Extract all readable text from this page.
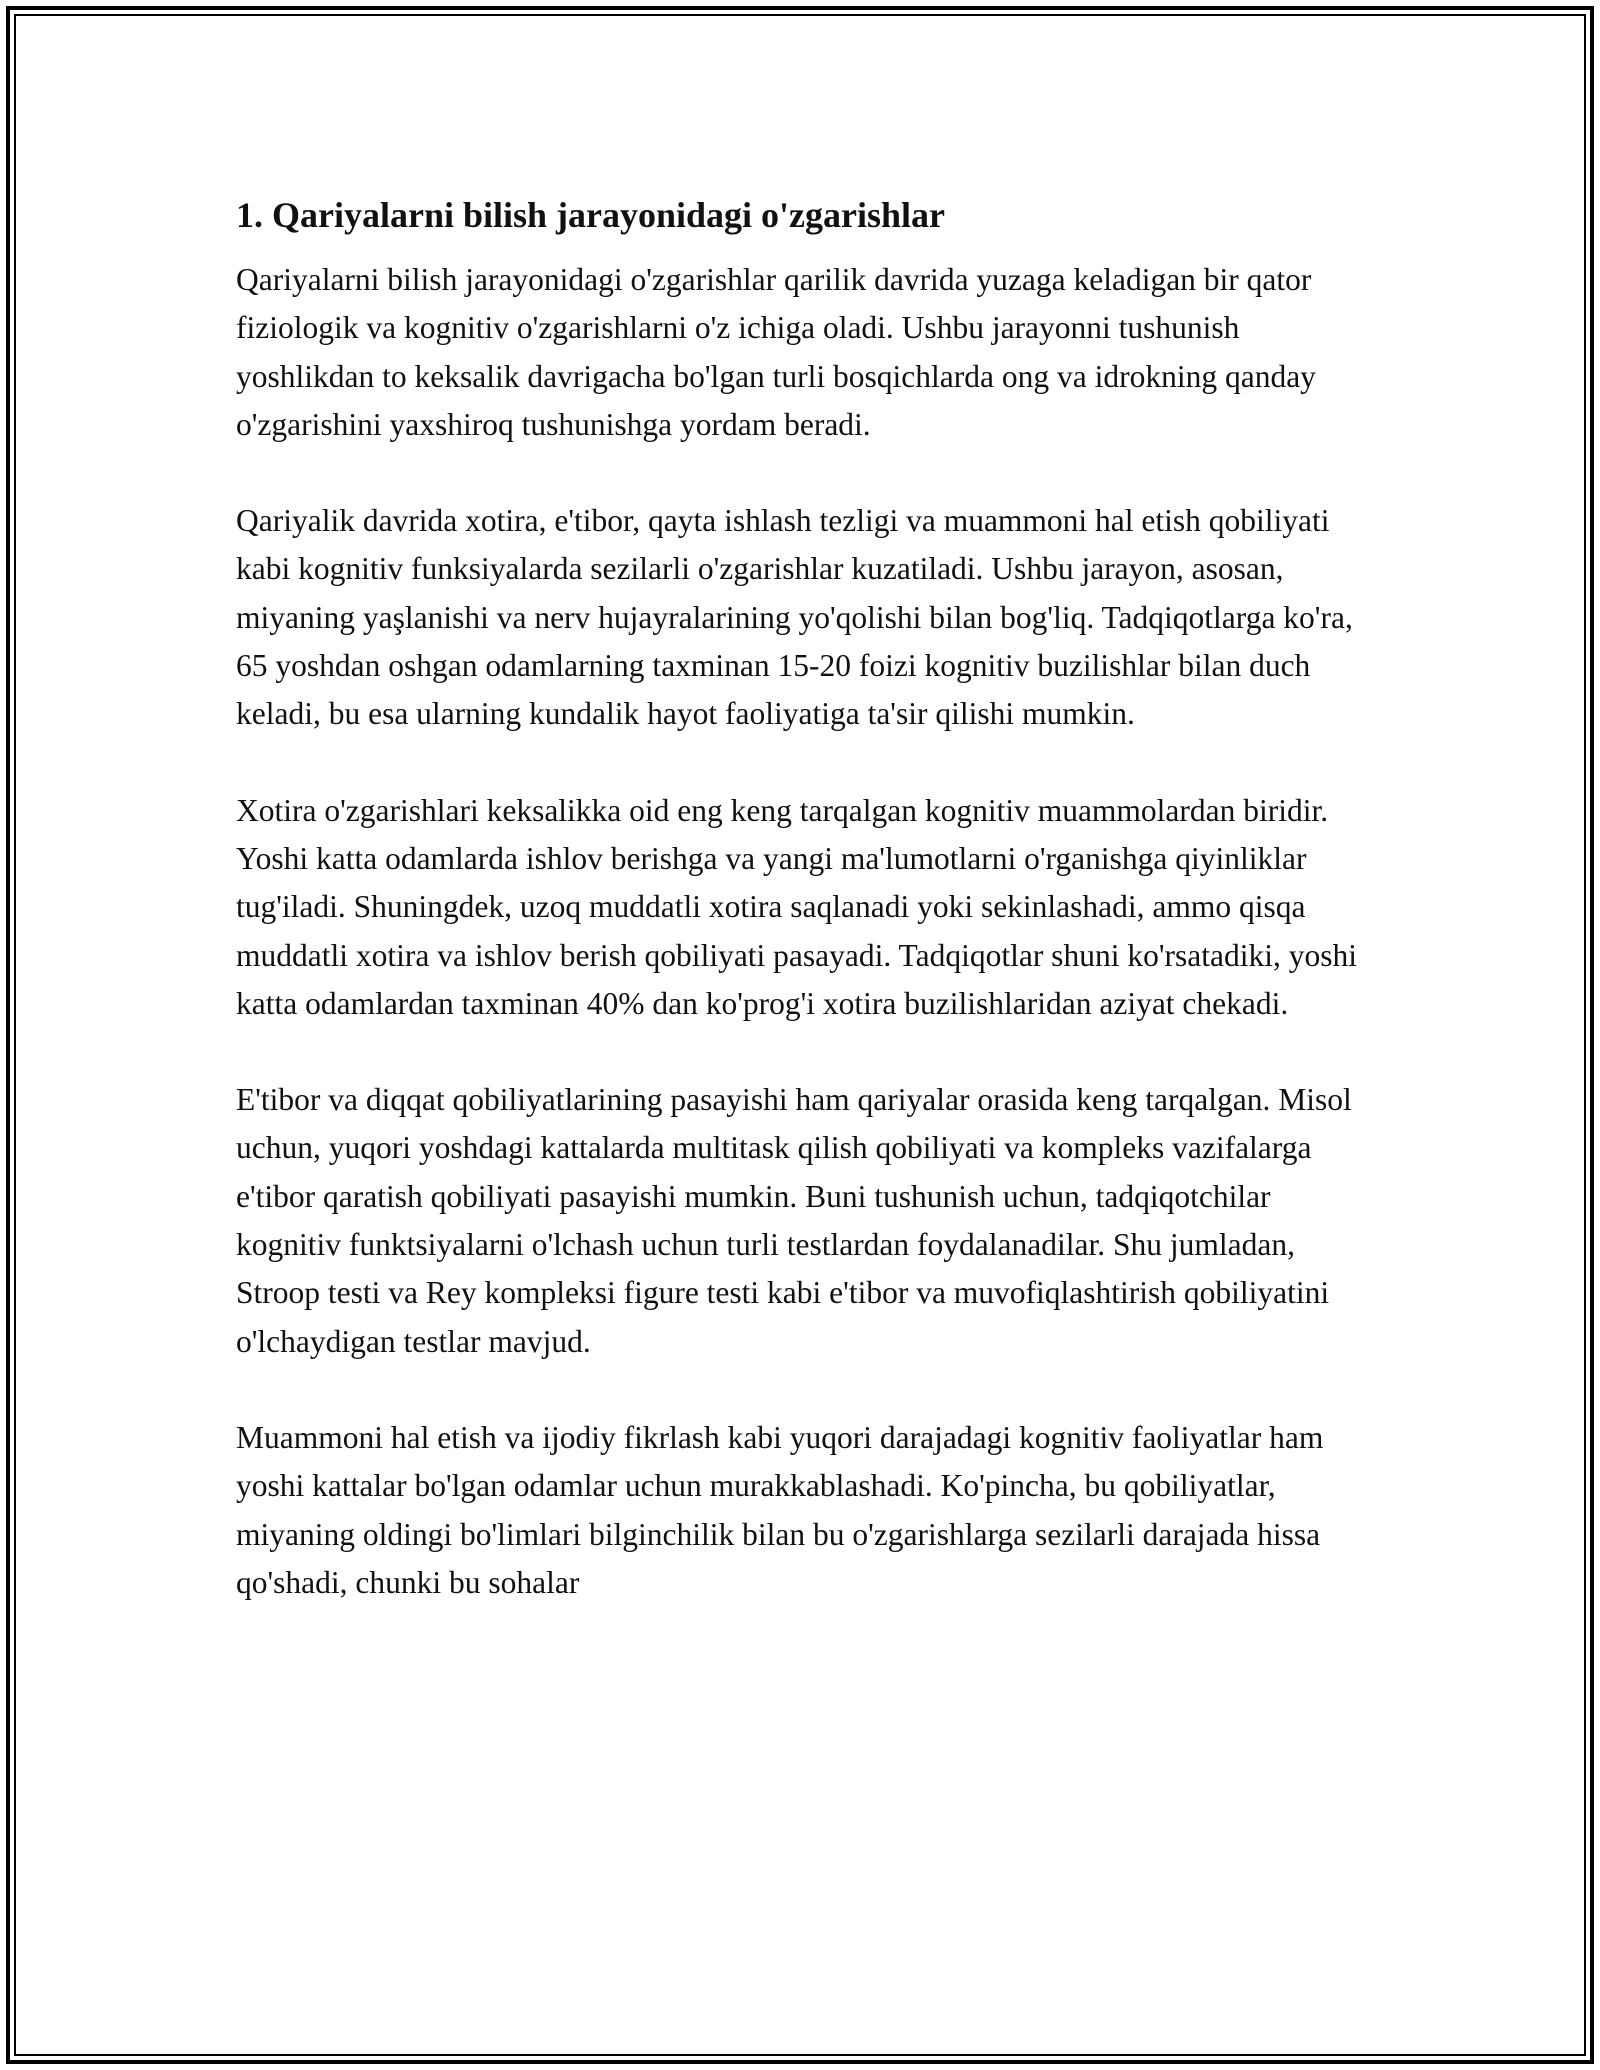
1. Qariyalarni bilish jarayonidagi o'zgarishlar

Qariyalarni bilish jarayonidagi o'zgarishlar qarilik davrida yuzaga keladigan bir qator fiziologik va kognitiv o'zgarishlarni o'z ichiga oladi. Ushbu jarayonni tushunish yoshlikdan to keksalik davrigacha bo'lgan turli bosqichlarda ong va idrokning qanday o'zgarishini yaxshiroq tushunishga yordam beradi.

Qariyalik davrida xotira, e'tibor, qayta ishlash tezligi va muammoni hal etish qobiliyati kabi kognitiv funksiyalarda sezilarli o'zgarishlar kuzatiladi. Ushbu jarayon, asosan, miyaning yaşlanishi va nerv hujayralarining yo'qolishi bilan bog'liq. Tadqiqotlarga ko'ra, 65 yoshdan oshgan odamlarning taxminan 15-20 foizi kognitiv buzilishlar bilan duch keladi, bu esa ularning kundalik hayot faoliyatiga ta'sir qilishi mumkin.

Xotira o'zgarishlari keksalikka oid eng keng tarqalgan kognitiv muammolardan biridir. Yoshi katta odamlarda ishlov berishga va yangi ma'lumotlarni o'rganishga qiyinliklar tug'iladi. Shuningdek, uzoq muddatli xotira saqlanadi yoki sekinlashadi, ammo qisqa muddatli xotira va ishlov berish qobiliyati pasayadi. Tadqiqotlar shuni ko'rsatadiki, yoshi katta odamlardan taxminan 40% dan ko'prog'i xotira buzilishlaridan aziyat chekadi.

E'tibor va diqqat qobiliyatlarining pasayishi ham qariyalar orasida keng tarqalgan. Misol uchun, yuqori yoshdagi kattalarda multitask qilish qobiliyati va kompleks vazifalarga e'tibor qaratish qobiliyati pasayishi mumkin. Buni tushunish uchun, tadqiqotchilar kognitiv funktsiyalarni o'lchash uchun turli testlardan foydalanadilar. Shu jumladan, Stroop testi va Rey kompleksi figure testi kabi e'tibor va muvofiqlashtirish qobiliyatini o'lchaydigan testlar mavjud.

Muammoni hal etish va ijodiy fikrlash kabi yuqori darajadagi kognitiv faoliyatlar ham yoshi kattalar bo'lgan odamlar uchun murakkablashadi. Ko'pincha, bu qobiliyatlar, miyaning oldingi bo'limlari bilginchilik bilan bu o'zgarishlarga sezilarli darajada hissa qo'shadi, chunki bu sohalar
